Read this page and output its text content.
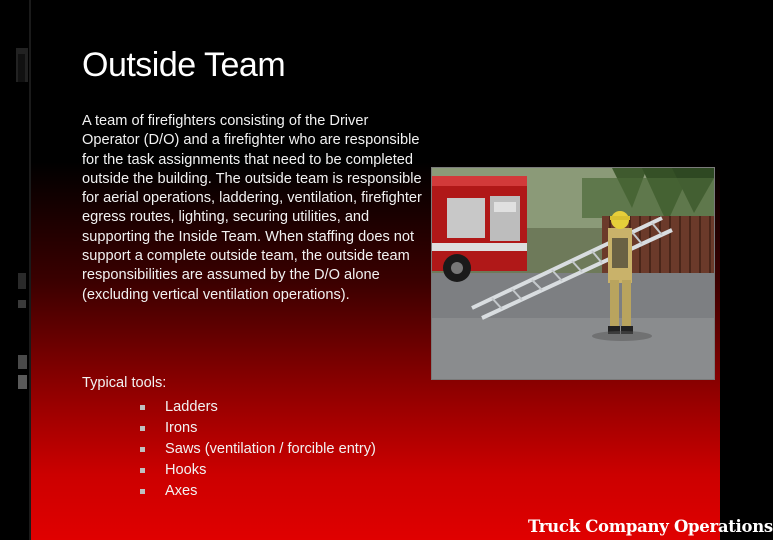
Outside Team
A team of firefighters consisting of the Driver Operator (D/O) and a firefighter who are responsible for the task assignments that need to be completed outside the building. The outside team is responsible for aerial operations, laddering, ventilation, firefighter egress routes, lighting, securing utilities, and supporting the Inside Team. When staffing does not support a complete outside team, the outside team responsibilities are assumed by the D/O alone (excluding vertical ventilation operations).
Typical tools:
Ladders
Irons
Saws (ventilation / forcible entry)
Hooks
Axes
Truck Company Operations
